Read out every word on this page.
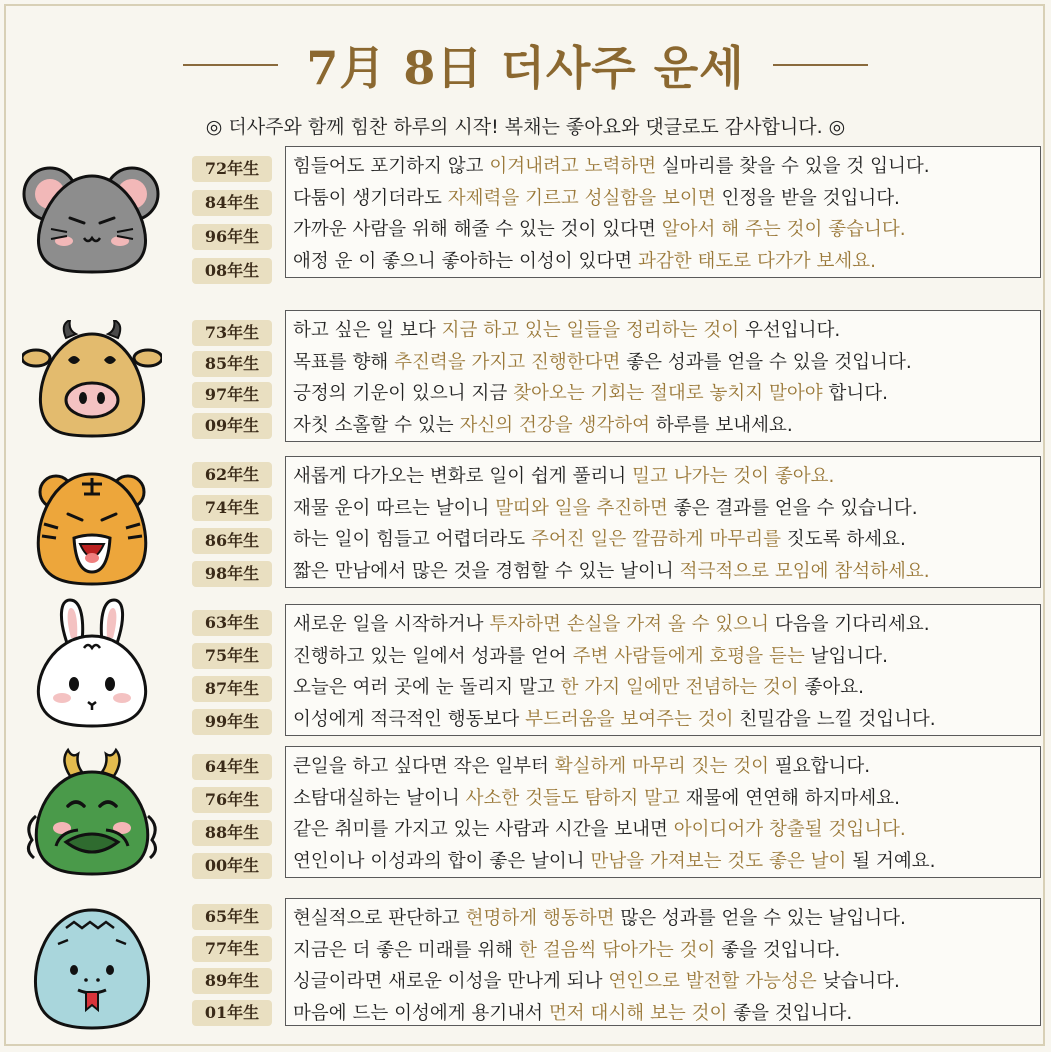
7月 8日 더사주 운세
◎ 더사주와 함께 힘찬 하루의 시작! 복채는 좋아요와 댓글로도 감사합니다. ◎
72年生
84年生
96年生
08年生
힘들어도 포기하지 않고 이겨내려고 노력하면 실마리를 찾을 수 있을 것 입니다.
다툼이 생기더라도 자제력을 기르고 성실함을 보이면 인정을 받을 것입니다.
가까운 사람을 위해 해줄 수 있는 것이 있다면 알아서 해 주는 것이 좋습니다.
애정 운 이 좋으니 좋아하는 이성이 있다면 과감한 태도로 다가가 보세요.
73年生
85年生
97年生
09年生
하고 싶은 일 보다 지금 하고 있는 일들을 정리하는 것이 우선입니다.
목표를 향해 추진력을 가지고 진행한다면 좋은 성과를 얻을 수 있을 것입니다.
긍정의 기운이 있으니 지금 찾아오는 기회는 절대로 놓치지 말아야 합니다.
자칫 소홀할 수 있는 자신의 건강을 생각하여 하루를 보내세요.
62年生
74年生
86年生
98年生
새롭게 다가오는 변화로 일이 쉽게 풀리니 밀고 나가는 것이 좋아요.
재물 운이 따르는 날이니 말띠와 일을 추진하면 좋은 결과를 얻을 수 있습니다.
하는 일이 힘들고 어렵더라도 주어진 일은 깔끔하게 마무리를 짓도록 하세요.
짧은 만남에서 많은 것을 경험할 수 있는 날이니 적극적으로 모임에 참석하세요.
63年生
75年生
87年生
99年生
새로운 일을 시작하거나 투자하면 손실을 가져 올 수 있으니 다음을 기다리세요.
진행하고 있는 일에서 성과를 얻어 주변 사람들에게 호평을 듣는 날입니다.
오늘은 여러 곳에 눈 돌리지 말고 한 가지 일에만 전념하는 것이 좋아요.
이성에게 적극적인 행동보다 부드러움을 보여주는 것이 친밀감을 느낄 것입니다.
64年生
76年生
88年生
00年生
큰일을 하고 싶다면 작은 일부터 확실하게 마무리 짓는 것이 필요합니다.
소탐대실하는 날이니 사소한 것들도 탐하지 말고 재물에 연연해 하지마세요.
같은 취미를 가지고 있는 사람과 시간을 보내면 아이디어가 창출될 것입니다.
연인이나 이성과의 합이 좋은 날이니 만남을 가져보는 것도 좋은 날이 될 거예요.
65年生
77年生
89年生
01年生
현실적으로 판단하고 현명하게 행동하면 많은 성과를 얻을 수 있는 날입니다.
지금은 더 좋은 미래를 위해 한 걸음씩 닦아가는 것이 좋을 것입니다.
싱글이라면 새로운 이성을 만나게 되나 연인으로 발전할 가능성은 낮습니다.
마음에 드는 이성에게 용기내서 먼저 대시해 보는 것이 좋을 것입니다.
